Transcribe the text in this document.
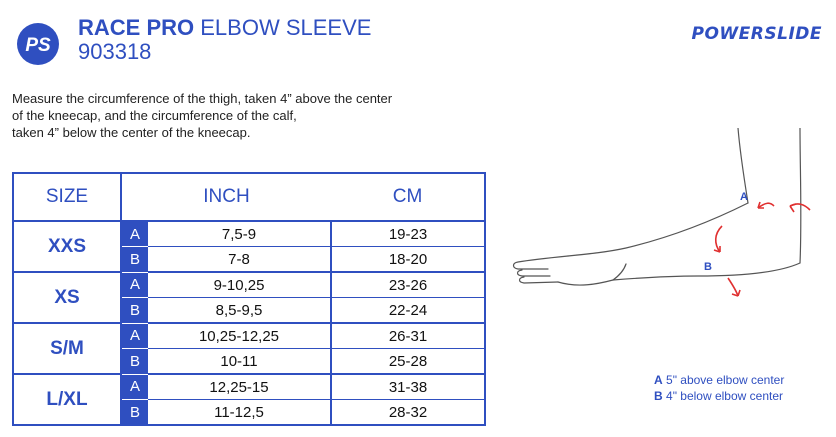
PS
RACE PRO ELBOW SLEEVE
903318
POWERSLIDE
Measure the circumference of the thigh, taken 4” above the center
of the kneecap, and the circumference of the calf,
taken 4” below the center of the kneecap.
SIZE	INCH		CM
XXS	A	7,5-9	19-23
	B	7-8	18-20
XS	A	9-10,25	23-26
	B	8,5-9,5	22-24
S/M	A	10,25-12,25	26-31
	B	10-11	25-28
L/XL	A	12,25-15	31-38
	B	11-12,5	28-32
A
B
A 5" above elbow center
B 4" below elbow center
